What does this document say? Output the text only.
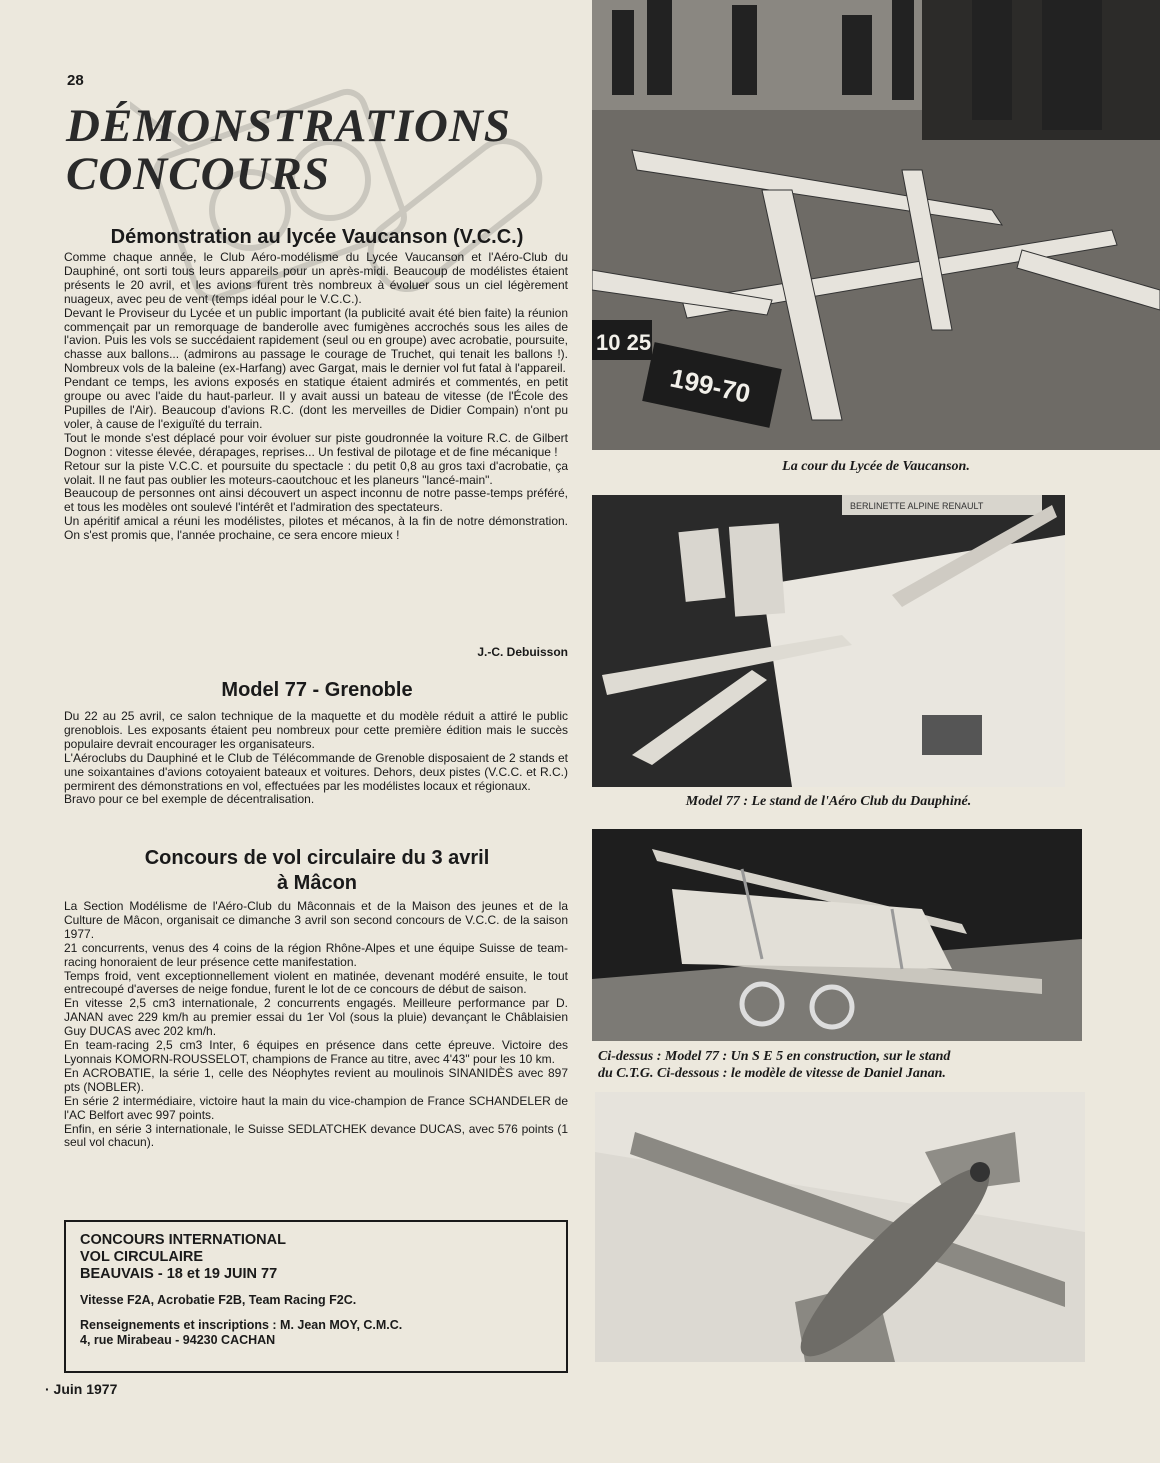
28
DÉMONSTRATIONS
CONCOURS
Démonstration au lycée Vaucanson (V.C.C.)

Comme chaque année, le Club Aéro-modélisme du Lycée Vaucanson et l'Aéro-Club du Dauphiné, ont sorti tous leurs appareils pour un après-midi. Beaucoup de modélistes étaient présents le 20 avril, et les avions furent très nombreux à évoluer sous un ciel légèrement nuageux, avec peu de vent (temps idéal pour le V.C.C.).

Devant le Proviseur du Lycée et un public important (la publicité avait été bien faite) la réunion commençait par un remorquage de banderolle avec fumigènes accrochés sous les ailes de l'avion. Puis les vols se succédaient rapidement (seul ou en groupe) avec acrobatie, poursuite, chasse aux ballons... (admirons au passage le courage de Truchet, qui tenait les ballons !). Nombreux vols de la baleine (ex-Harfang) avec Gargat, mais le dernier vol fut fatal à l'appareil.

Pendant ce temps, les avions exposés en statique étaient admirés et commentés, en petit groupe ou avec l'aide du haut-parleur. Il y avait aussi un bateau de vitesse (de l'École des Pupilles de l'Air). Beaucoup d'avions R.C. (dont les merveilles de Didier Compain) n'ont pu voler, à cause de l'exiguïté du terrain.

Tout le monde s'est déplacé pour voir évoluer sur piste goudronnée la voiture R.C. de Gilbert Dognon : vitesse élevée, dérapages, reprises... Un festival de pilotage et de fine mécanique !

Retour sur la piste V.C.C. et poursuite du spectacle : du petit 0,8 au gros taxi d'acrobatie, ça volait. Il ne faut pas oublier les moteurs-caoutchouc et les planeurs "lancé-main".

Beaucoup de personnes ont ainsi découvert un aspect inconnu de notre passe-temps préféré, et tous les modèles ont soulevé l'intérêt et l'admiration des spectateurs.

Un apéritif amical a réuni les modélistes, pilotes et mécanos, à la fin de notre démonstration. On s'est promis que, l'année prochaine, ce sera encore mieux !

J.-C. Debuisson
Model 77 - Grenoble

Du 22 au 25 avril, ce salon technique de la maquette et du modèle réduit a attiré le public grenoblois. Les exposants étaient peu nombreux pour cette première édition mais le succès populaire devrait encourager les organisateurs.

L'Aéroclubs du Dauphiné et le Club de Télécommande de Grenoble disposaient de 2 stands et une soixantaines d'avions cotoyaient bateaux et voitures. Dehors, deux pistes (V.C.C. et R.C.) permirent des démonstrations en vol, effectuées par les modélistes locaux et régionaux.

Bravo pour ce bel exemple de décentralisation.

Concours de vol circulaire du 3 avril
à Mâcon

La Section Modélisme de l'Aéro-Club du Mâconnais et de la Maison des jeunes et de la Culture de Mâcon, organisait ce dimanche 3 avril son second concours de V.C.C. de la saison 1977.

21 concurrents, venus des 4 coins de la région Rhône-Alpes et une équipe Suisse de team-racing honoraient de leur présence cette manifestation.

Temps froid, vent exceptionnellement violent en matinée, devenant modéré ensuite, le tout entrecoupé d'averses de neige fondue, furent le lot de ce concours de début de saison.

En vitesse 2,5 cm3 internationale, 2 concurrents engagés. Meilleure performance par D. JANAN avec 229 km/h au premier essai du 1er Vol (sous la pluie) devançant le Châblaisien Guy DUCAS avec 202 km/h.

En team-racing 2,5 cm3 Inter, 6 équipes en présence dans cette épreuve. Victoire des Lyonnais KOMORN-ROUSSELOT, champions de France au titre, avec 4'43" pour les 10 km.

En ACROBATIE, la série 1, celle des Néophytes revient au moulinois SINANIDÈS avec 897 pts (NOBLER).

En série 2 intermédiaire, victoire haut la main du vice-champion de France SCHANDELER de l'AC Belfort avec 997 points.

Enfin, en série 3 internationale, le Suisse SEDLATCHEK devance DUCAS, avec 576 points (1 seul vol chacun).

CONCOURS INTERNATIONAL
VOL CIRCULAIRE
BEAUVAIS - 18 et 19 JUIN 77
Vitesse F2A, Acrobatie F2B, Team Racing F2C.
Renseignements et inscriptions : M. Jean MOY, C.M.C.
4, rue Mirabeau - 94230 CACHAN
· Juin 1977
199-70
10 25
La cour du Lycée de Vaucanson.
BERLINETTE ALPINE RENAULT
Model 77 : Le stand de l'Aéro Club du Dauphiné.
Ci-dessus : Model 77 : Un S E 5 en construction, sur le stand
du C.T.G. Ci-dessous : le modèle de vitesse de Daniel Janan.
